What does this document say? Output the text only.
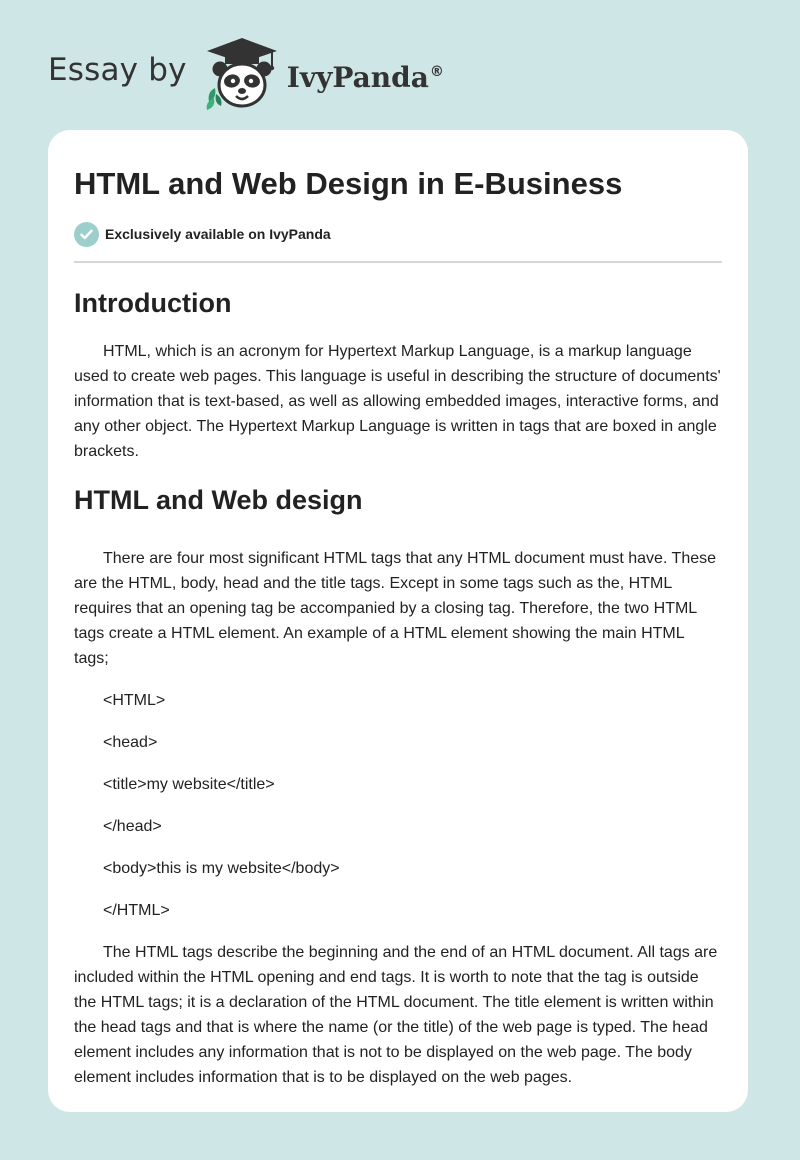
Essay by	IvyPanda®
HTML and Web Design in E-Business
Exclusively available on IvyPanda
Introduction

HTML, which is an acronym for Hypertext Markup Language, is a markup language used to create web pages. This language is useful in describing the structure of documents' information that is text-based, as well as allowing embedded images, interactive forms, and any other object. The Hypertext Markup Language is written in tags that are boxed in angle brackets.

HTML and Web design

There are four most significant HTML tags that any HTML document must have. These are the HTML, body, head and the title tags. Except in some tags such as the, HTML requires that an opening tag be accompanied by a closing tag. Therefore, the two HTML tags create a HTML element. An example of a HTML element showing the main HTML tags;

<HTML>

<head>

<title>my website</title>

</head>

<body>this is my website</body>

</HTML>

The HTML tags describe the beginning and the end of an HTML document. All tags are included within the HTML opening and end tags. It is worth to note that the tag is outside the HTML tags; it is a declaration of the HTML document. The title element is written within the head tags and that is where the name (or the title) of the web page is typed. The head element includes any information that is not to be displayed on the web page. The body element includes information that is to be displayed on the web pages.
